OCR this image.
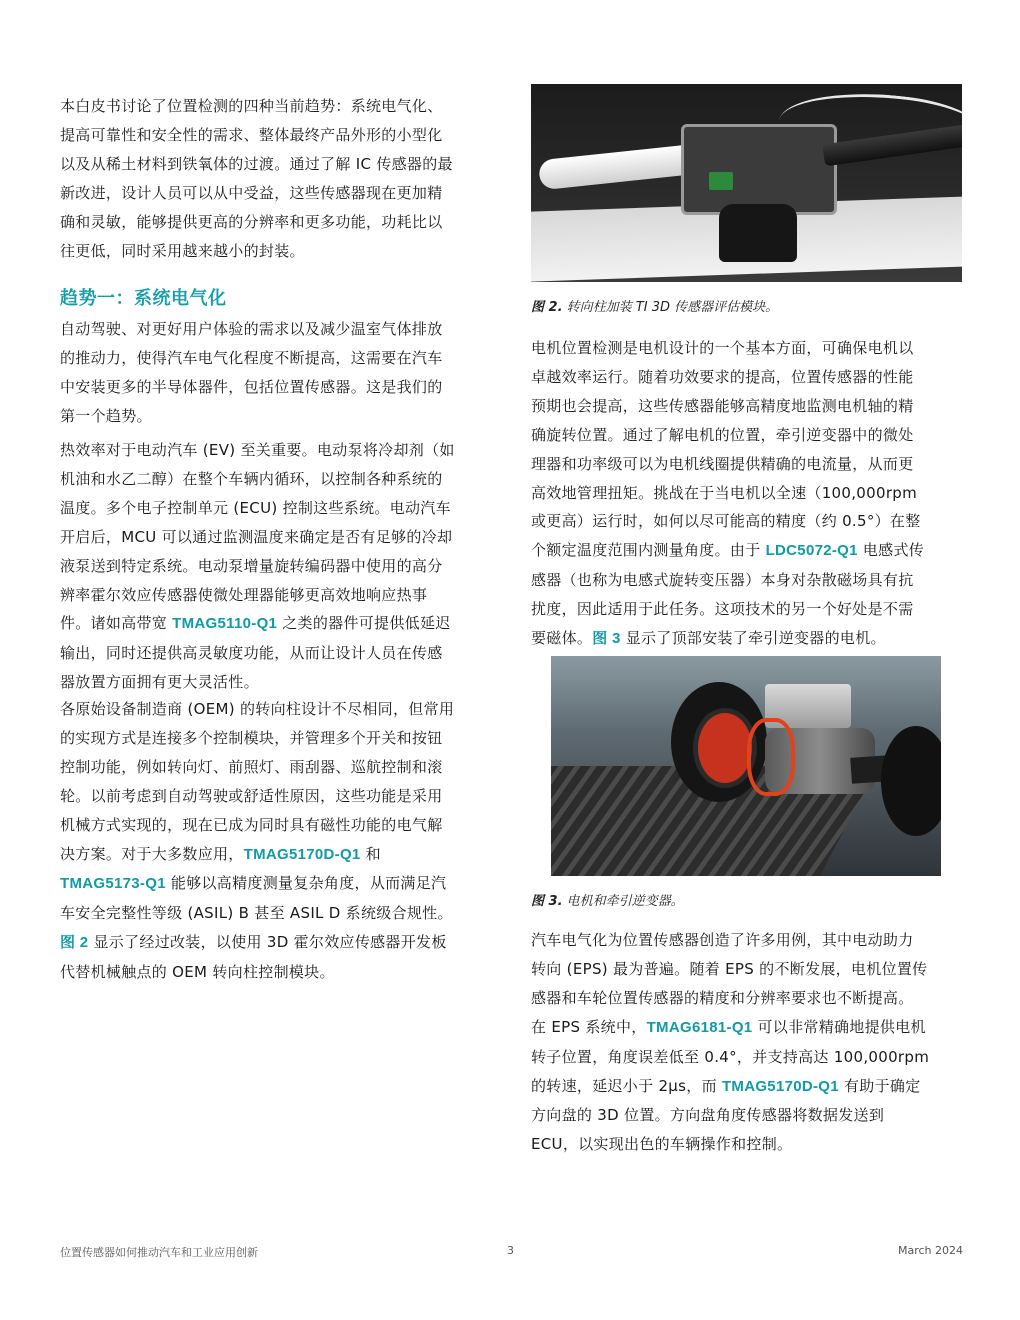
本白皮书讨论了位置检测的四种当前趋势：系统电气化、
提高可靠性和安全性的需求、整体最终产品外形的小型化
以及从稀土材料到铁氧体的过渡。通过了解 IC 传感器的最
新改进，设计人员可以从中受益，这些传感器现在更加精
确和灵敏，能够提供更高的分辨率和更多功能，功耗比以
往更低，同时采用越来越小的封装。

趋势一：系统电气化

自动驾驶、对更好用户体验的需求以及减少温室气体排放
的推动力，使得汽车电气化程度不断提高，这需要在汽车
中安装更多的半导体器件，包括位置传感器。这是我们的
第一个趋势。

热效率对于电动汽车 (EV) 至关重要。电动泵将冷却剂（如
机油和水乙二醇）在整个车辆内循环，以控制各种系统的
温度。多个电子控制单元 (ECU) 控制这些系统。电动汽车
开启后，MCU 可以通过监测温度来确定是否有足够的冷却
液泵送到特定系统。电动泵增量旋转编码器中使用的高分
辨率霍尔效应传感器使微处理器能够更高效地响应热事
件。诸如高带宽 TMAG5110-Q1 之类的器件可提供低延迟
输出，同时还提供高灵敏度功能，从而让设计人员在传感
器放置方面拥有更大灵活性。

各原始设备制造商 (OEM) 的转向柱设计不尽相同，但常用
的实现方式是连接多个控制模块，并管理多个开关和按钮
控制功能，例如转向灯、前照灯、雨刮器、巡航控制和滚
轮。以前考虑到自动驾驶或舒适性原因，这些功能是采用
机械方式实现的，现在已成为同时具有磁性功能的电气解
决方案。对于大多数应用，TMAG5170D-Q1 和
TMAG5173-Q1 能够以高精度测量复杂角度，从而满足汽
车安全完整性等级 (ASIL) B 甚至 ASIL D 系统级合规性。
图 2 显示了经过改装，以使用 3D 霍尔效应传感器开发板
代替机械触点的 OEM 转向柱控制模块。

图 2. 转向柱加装 TI 3D 传感器评估模块。

电机位置检测是电机设计的一个基本方面，可确保电机以
卓越效率运行。随着功效要求的提高，位置传感器的性能
预期也会提高，这些传感器能够高精度地监测电机轴的精
确旋转位置。通过了解电机的位置，牵引逆变器中的微处
理器和功率级可以为电机线圈提供精确的电流量，从而更
高效地管理扭矩。挑战在于当电机以全速（100,000rpm
或更高）运行时，如何以尽可能高的精度（约 0.5°）在整
个额定温度范围内测量角度。由于 LDC5072-Q1 电感式传
感器（也称为电感式旋转变压器）本身对杂散磁场具有抗
扰度，因此适用于此任务。这项技术的另一个好处是不需
要磁体。图 3 显示了顶部安装了牵引逆变器的电机。

图 3. 电机和牵引逆变器。

汽车电气化为位置传感器创造了许多用例，其中电动助力
转向 (EPS) 最为普遍。随着 EPS 的不断发展，电机位置传
感器和车轮位置传感器的精度和分辨率要求也不断提高。
在 EPS 系统中，TMAG6181-Q1 可以非常精确地提供电机
转子位置，角度误差低至 0.4°，并支持高达 100,000rpm
的转速，延迟小于 2μs，而 TMAG5170D-Q1 有助于确定
方向盘的 3D 位置。方向盘角度传感器将数据发送到
ECU，以实现出色的车辆操作和控制。

位置传感器如何推动汽车和工业应用创新	3	March 2024
